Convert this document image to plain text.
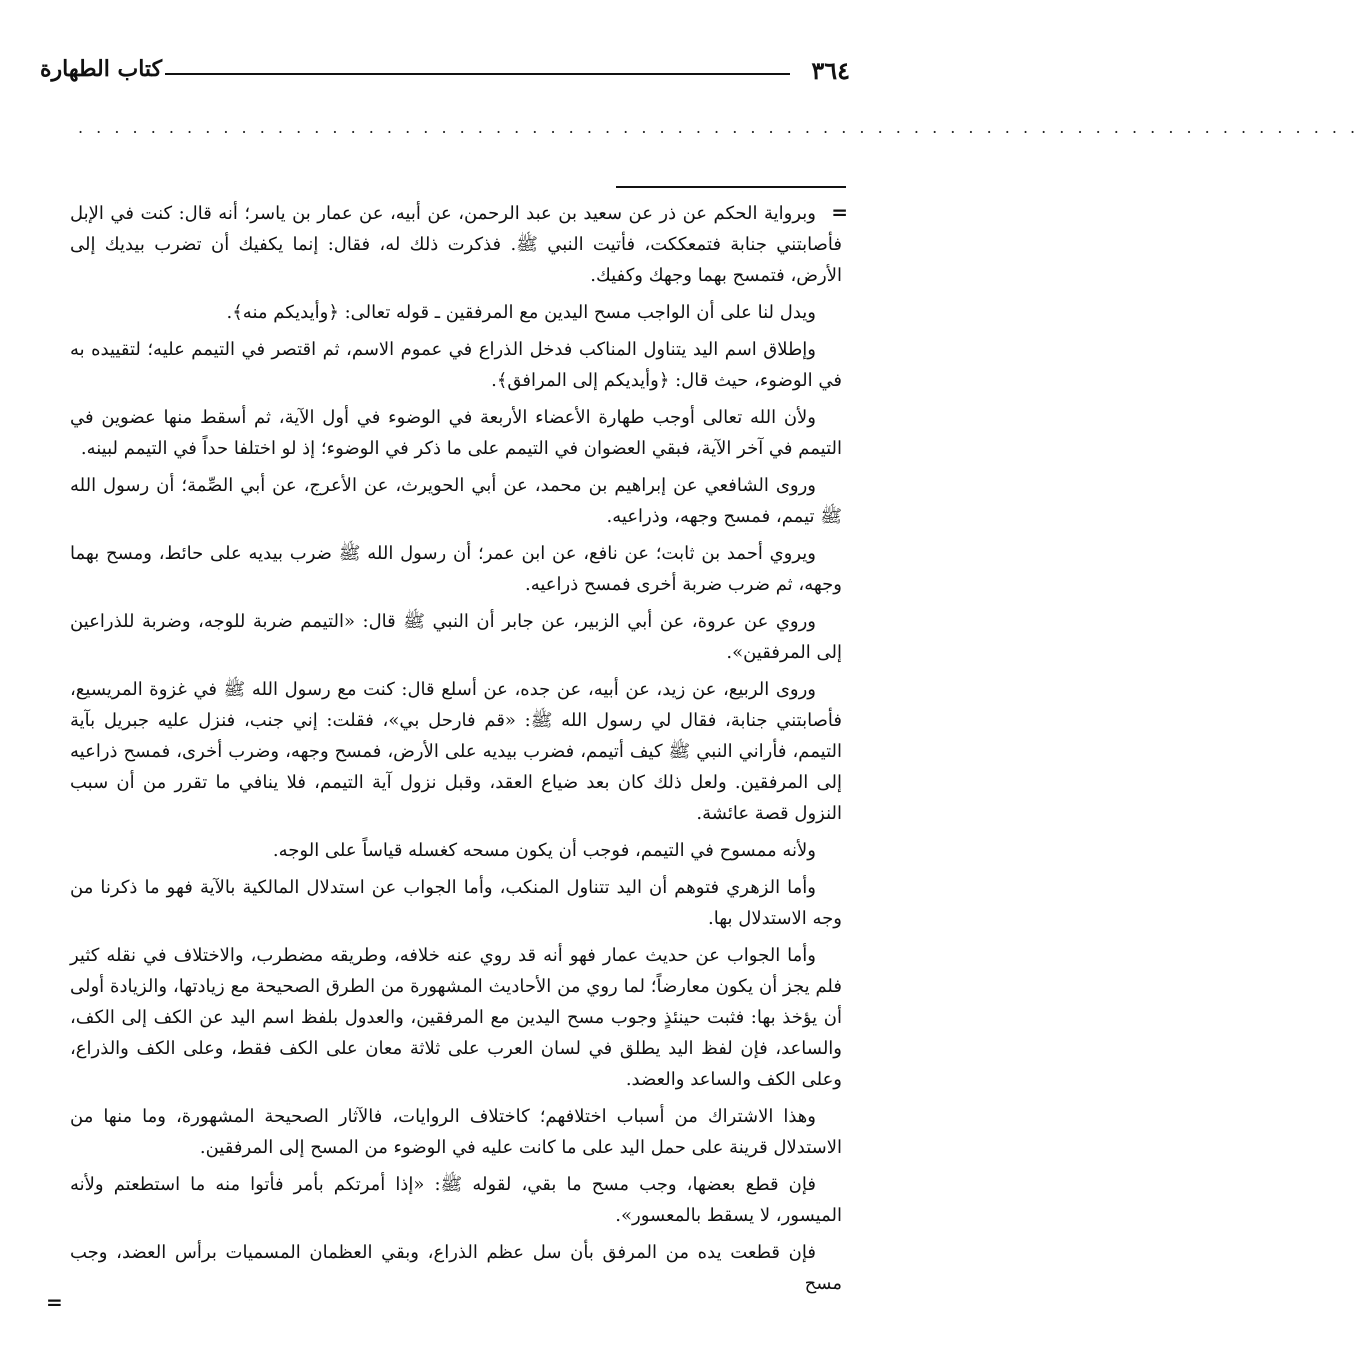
٣٦٤
كتاب الطهارة
. . . . . . . . . . . . . . . . . . . . . . . . . . . . . . . . . . . . . . . . . . . . . . . . . . . . . . . . . . . . . . . . . . . . . . .
=
=

وبرواية الحكم عن ذر عن سعيد بن عبد الرحمن، عن أبيه، عن عمار بن ياسر؛ أنه قال: كنت في الإبل فأصابتني جنابة فتمعككت، فأتيت النبي ﷺ. فذكرت ذلك له، فقال: إنما يكفيك أن تضرب بيديك إلى الأرض، فتمسح بهما وجهك وكفيك.

ويدل لنا على أن الواجب مسح اليدين مع المرفقين ـ قوله تعالى: ﴿وأيديكم منه﴾.

وإطلاق اسم اليد يتناول المناكب فدخل الذراع في عموم الاسم، ثم اقتصر في التيمم عليه؛ لتقييده به في الوضوء، حيث قال: ﴿وأيديكم إلى المرافق﴾.

ولأن الله تعالى أوجب طهارة الأعضاء الأربعة في الوضوء في أول الآية، ثم أسقط منها عضوين في التيمم في آخر الآية، فبقي العضوان في التيمم على ما ذكر في الوضوء؛ إذ لو اختلفا حداً في التيمم لبينه.

وروى الشافعي عن إبراهيم بن محمد، عن أبي الحويرث، عن الأعرج، عن أبي الصِّمة؛ أن رسول الله ﷺ تيمم، فمسح وجهه، وذراعيه.

ويروي أحمد بن ثابت؛ عن نافع، عن ابن عمر؛ أن رسول الله ﷺ ضرب بيديه على حائط، ومسح بهما وجهه، ثم ضرب ضربة أخرى فمسح ذراعيه.

وروي عن عروة، عن أبي الزبير، عن جابر أن النبي ﷺ قال: «التيمم ضربة للوجه، وضربة للذراعين إلى المرفقين».

وروى الربيع، عن زيد، عن أبيه، عن جده، عن أسلع قال: كنت مع رسول الله ﷺ في غزوة المريسيع، فأصابتني جنابة، فقال لي رسول الله ﷺ: «قم فارحل بي»، فقلت: إني جنب، فنزل عليه جبريل بآية التيمم، فأراني النبي ﷺ كيف أتيمم، فضرب بيديه على الأرض، فمسح وجهه، وضرب أخرى، فمسح ذراعيه إلى المرفقين. ولعل ذلك كان بعد ضياع العقد، وقبل نزول آية التيمم، فلا ينافي ما تقرر من أن سبب النزول قصة عائشة.

ولأنه ممسوح في التيمم، فوجب أن يكون مسحه كغسله قياساً على الوجه.

وأما الزهري فتوهم أن اليد تتناول المنكب، وأما الجواب عن استدلال المالكية بالآية فهو ما ذكرنا من وجه الاستدلال بها.

وأما الجواب عن حديث عمار فهو أنه قد روي عنه خلافه، وطريقه مضطرب، والاختلاف في نقله كثير فلم يجز أن يكون معارضاً؛ لما روي من الأحاديث المشهورة من الطرق الصحيحة مع زيادتها، والزيادة أولى أن يؤخذ بها: فثبت حينئذٍ وجوب مسح اليدين مع المرفقين، والعدول بلفظ اسم اليد عن الكف إلى الكف، والساعد، فإن لفظ اليد يطلق في لسان العرب على ثلاثة معان على الكف فقط، وعلى الكف والذراع، وعلى الكف والساعد والعضد.

وهذا الاشتراك من أسباب اختلافهم؛ كاختلاف الروايات، فالآثار الصحيحة المشهورة، وما منها من الاستدلال قرينة على حمل اليد على ما كانت عليه في الوضوء من المسح إلى المرفقين.

فإن قطع بعضها، وجب مسح ما بقي، لقوله ﷺ: «إذا أمرتكم بأمر فأتوا منه ما استطعتم ولأنه الميسور، لا يسقط بالمعسور».

فإن قطعت يده من المرفق بأن سل عظم الذراع، وبقي العظمان المسميات برأس العضد، وجب مسح
